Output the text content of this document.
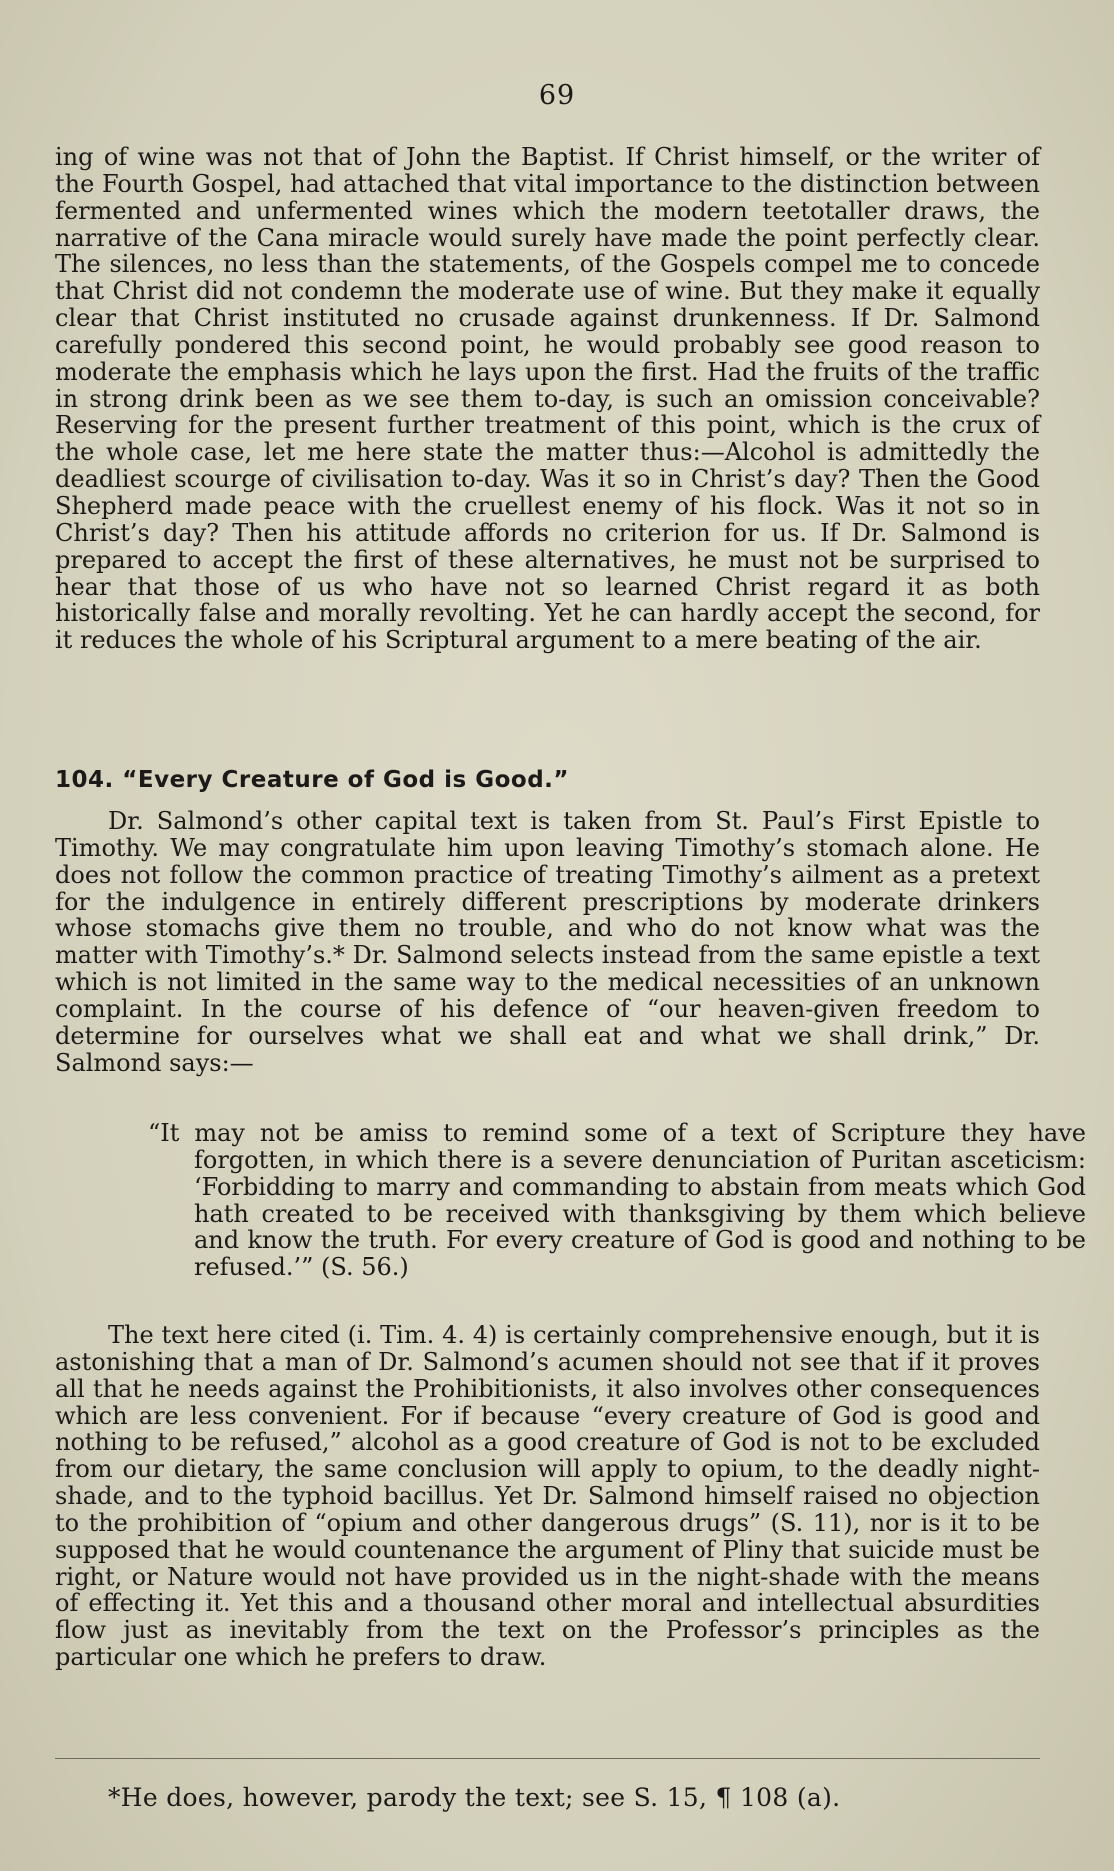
69
ing of wine was not that of John the Baptist. If Christ himself, or the writer of the Fourth Gospel, had attached that vital importance to the distinction between fermented and unfermented wines which the modern teetotaller draws, the narrative of the Cana miracle would surely have made the point perfectly clear. The silences, no less than the statements, of the Gospels compel me to concede that Christ did not condemn the moderate use of wine. But they make it equally clear that Christ instituted no crusade against drunkenness. If Dr. Salmond carefully pondered this second point, he would probably see good reason to moderate the emphasis which he lays upon the first. Had the fruits of the traffic in strong drink been as we see them to-day, is such an omission conceivable? Reserving for the present further treatment of this point, which is the crux of the whole case, let me here state the matter thus:—Alcohol is admittedly the deadliest scourge of civilisation to-day. Was it so in Christ’s day? Then the Good Shepherd made peace with the cruellest enemy of his flock. Was it not so in Christ’s day? Then his attitude affords no criterion for us. If Dr. Salmond is prepared to accept the first of these alternatives, he must not be surprised to hear that those of us who have not so learned Christ regard it as both historically false and morally revolting. Yet he can hardly accept the second, for it reduces the whole of his Scriptural argument to a mere beating of the air.
104. “Every Creature of God is Good.”
Dr. Salmond’s other capital text is taken from St. Paul’s First Epistle to Timothy. We may congratulate him upon leaving Timothy’s stomach alone. He does not follow the common practice of treating Timothy’s ailment as a pretext for the indulgence in entirely different prescriptions by moderate drinkers whose stomachs give them no trouble, and who do not know what was the matter with Timothy’s.* Dr. Salmond selects instead from the same epistle a text which is not limited in the same way to the medical necessities of an unknown complaint. In the course of his defence of “our heaven-given freedom to determine for ourselves what we shall eat and what we shall drink,” Dr. Salmond says:—
“It may not be amiss to remind some of a text of Scripture they have forgotten, in which there is a severe denunciation of Puritan asceticism: ‘Forbidding to marry and commanding to abstain from meats which God hath created to be received with thanksgiving by them which believe and know the truth. For every creature of God is good and nothing to be refused.’” (S. 56.)
The text here cited (i. Tim. 4. 4) is certainly comprehensive enough, but it is astonishing that a man of Dr. Salmond’s acumen should not see that if it proves all that he needs against the Prohibitionists, it also involves other consequences which are less convenient. For if because “every creature of God is good and nothing to be refused,” alcohol as a good creature of God is not to be excluded from our dietary, the same conclusion will apply to opium, to the deadly night-shade, and to the typhoid bacillus. Yet Dr. Salmond himself raised no objection to the prohibition of “opium and other dangerous drugs” (S. 11), nor is it to be supposed that he would countenance the argument of Pliny that suicide must be right, or Nature would not have provided us in the night-shade with the means of effecting it. Yet this and a thousand other moral and intellectual absurdities flow just as inevitably from the text on the Professor’s principles as the particular one which he prefers to draw.
*He does, however, parody the text; see S. 15, ¶ 108 (a).
